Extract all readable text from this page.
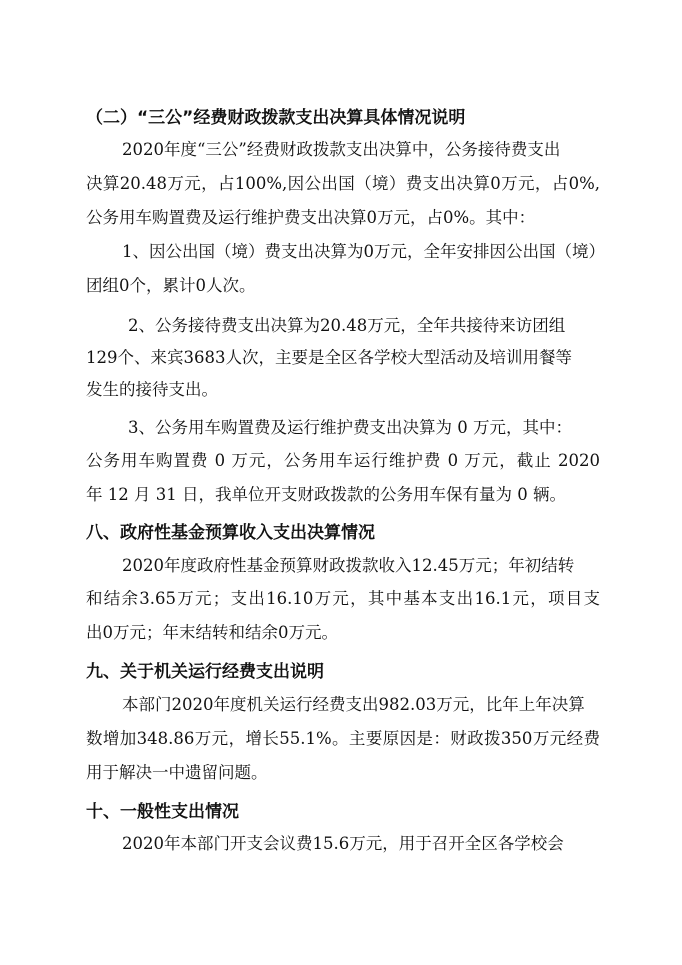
（二）“三公”经费财政拨款支出决算具体情况说明
2020年度“三公”经费财政拨款支出决算中，公务接待费支出
决算20.48万元，占100%,因公出国（境）费支出决算0万元，占0%,
公务用车购置费及运行维护费支出决算0万元，占0%。其中：
1、因公出国（境）费支出决算为0万元，全年安排因公出国（境）
团组0个，累计0人次。
2、公务接待费支出决算为20.48万元，全年共接待来访团组
129个、来宾3683人次，主要是全区各学校大型活动及培训用餐等
发生的接待支出。
3、公务用车购置费及运行维护费支出决算为 0 万元，其中：
公务用车购置费 0 万元，公务用车运行维护费 0 万元，截止 2020
年 12 月 31 日，我单位开支财政拨款的公务用车保有量为 0 辆。
八、政府性基金预算收入支出决算情况
2020年度政府性基金预算财政拨款收入12.45万元；年初结转
和结余3.65万元；支出16.10万元，其中基本支出16.1元，项目支
出0万元；年末结转和结余0万元。
九、关于机关运行经费支出说明
本部门2020年度机关运行经费支出982.03万元，比年上年决算
数增加348.86万元，增长55.1%。主要原因是：财政拨350万元经费
用于解决一中遗留问题。
十、一般性支出情况
2020年本部门开支会议费15.6万元，用于召开全区各学校会
